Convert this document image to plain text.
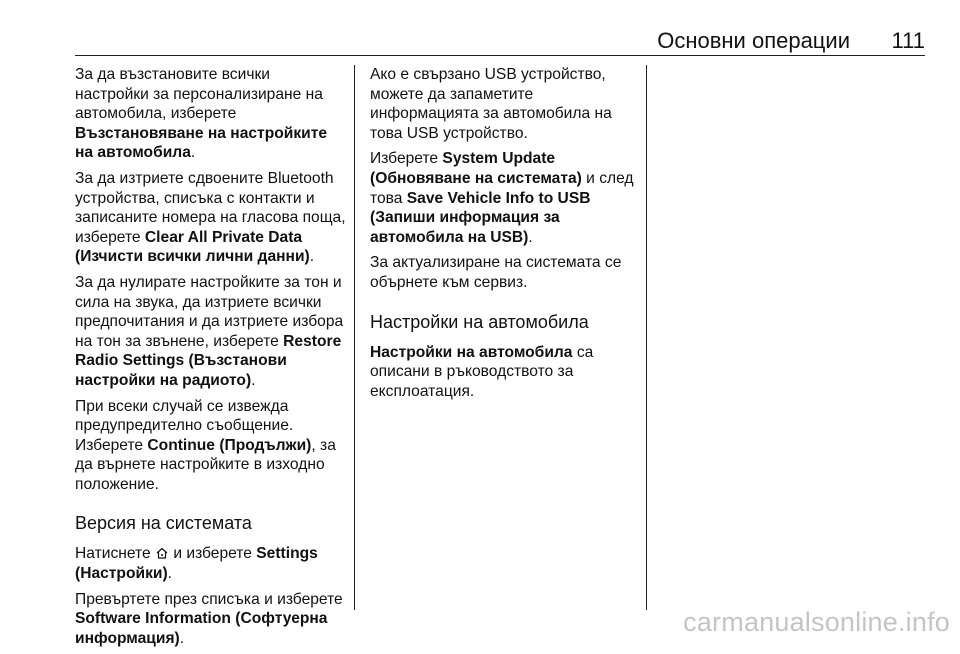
Основни операции 111

За да възстановите всички настройки за персонализиране на автомобила, изберете Възстановяване на настройките на автомобила.

За да изтриете сдвоените Bluetooth устройства, списъка с контакти и записаните номера на гласова поща, изберете Clear All Private Data (Изчисти всички лични данни).

За да нулирате настройките за тон и сила на звука, да изтриете всички предпочитания и да изтриете избора на тон за звънене, изберете Restore Radio Settings (Възстанови настройки на радиото).

При всеки случай се извежда предупредително съобщение. Изберете Continue (Продължи), за да върнете настройките в изходно положение.

Версия на системата

Натиснете  и изберете Settings (Настройки).

Превъртете през списъка и изберете Software Information (Софтуерна информация).

Ако е свързано USB устройство, можете да запаметите информацията за автомобила на това USB устройство.

Изберете System Update (Обновяване на системата) и след това Save Vehicle Info to USB (Запиши информация за автомобила на USB).

За актуализиране на системата се обърнете към сервиз.

Настройки на автомобила

Настройки на автомобила са описани в ръководството за експлоатация.

carmanualsonline.info
